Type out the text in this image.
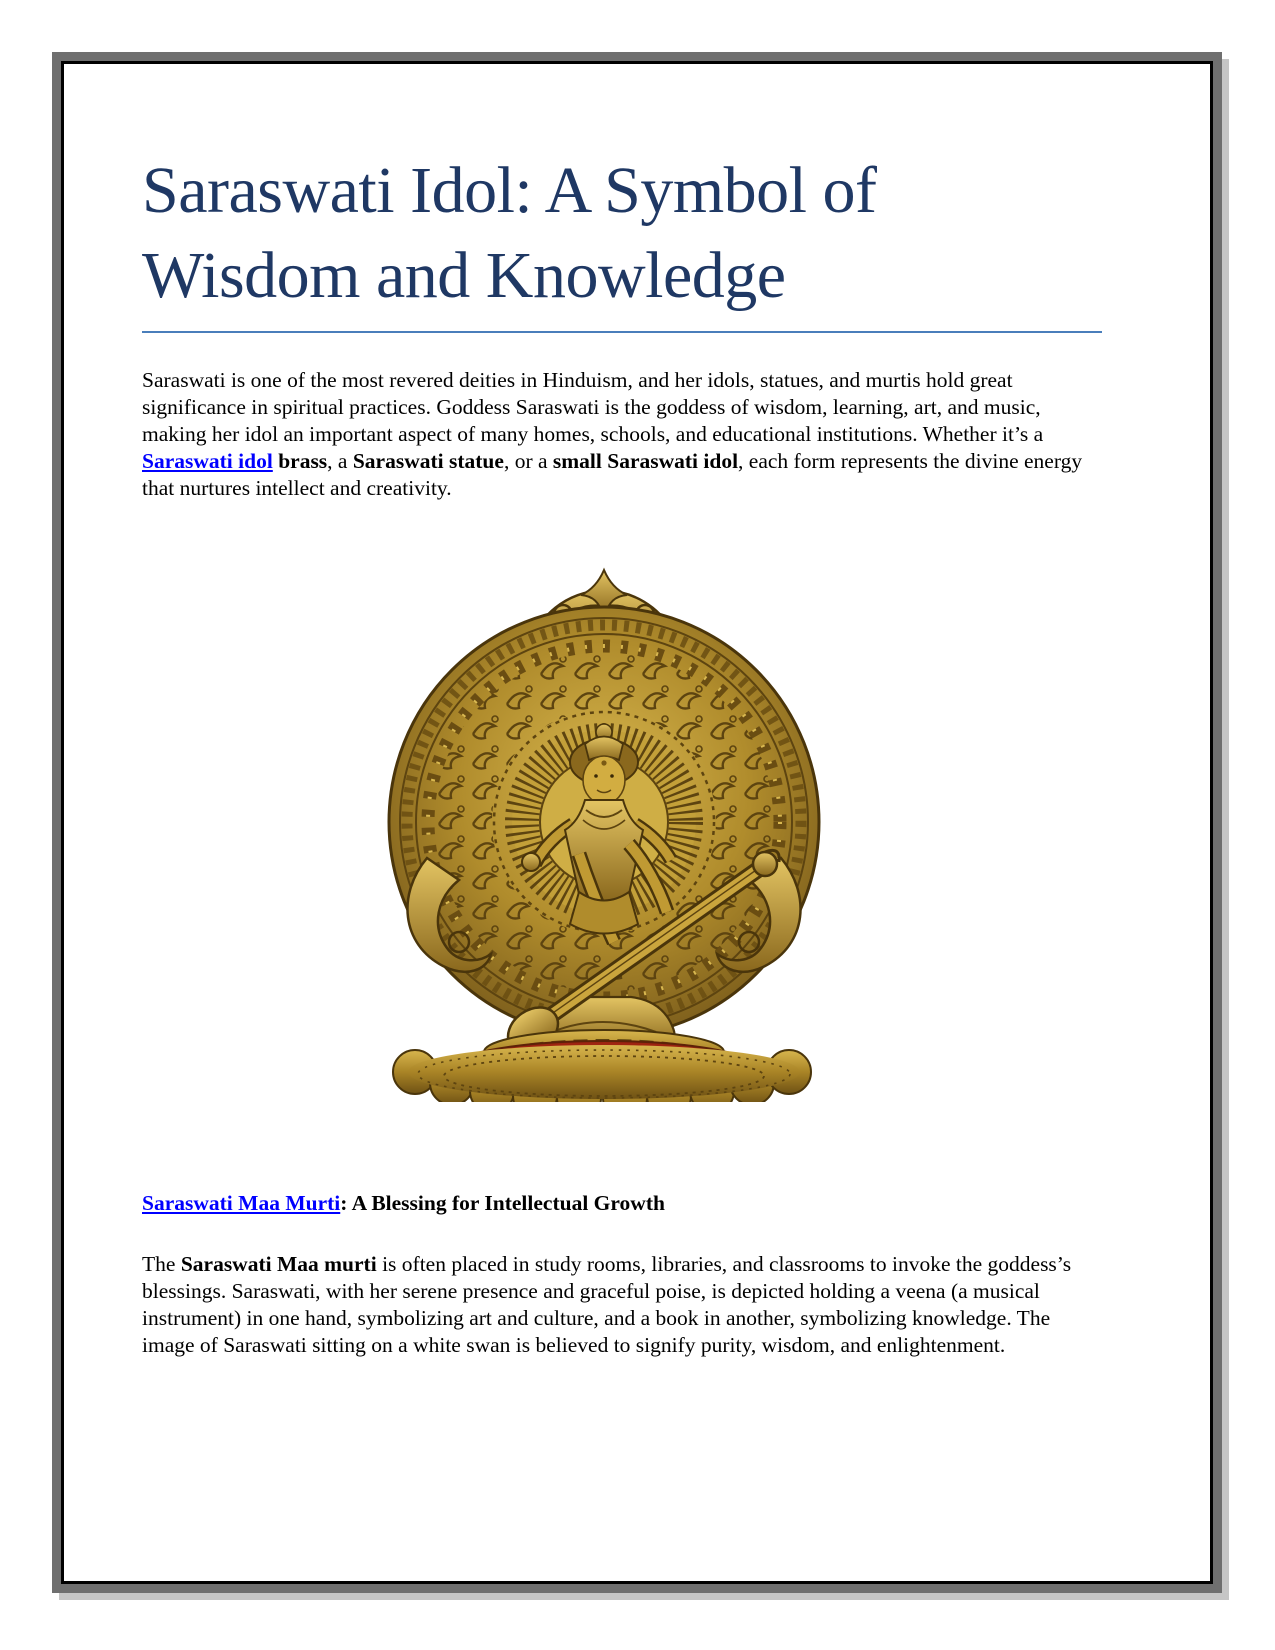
Saraswati Idol: A Symbol of Wisdom and Knowledge

Saraswati is one of the most revered deities in Hinduism, and her idols, statues, and murtis hold great significance in spiritual practices. Goddess Saraswati is the goddess of wisdom, learning, art, and music, making her idol an important aspect of many homes, schools, and educational institutions. Whether it’s a Saraswati idol brass, a Saraswati statue, or a small Saraswati idol, each form represents the divine energy that nurtures intellect and creativity.

Saraswati Maa Murti: A Blessing for Intellectual Growth

The Saraswati Maa murti is often placed in study rooms, libraries, and classrooms to invoke the goddess’s blessings. Saraswati, with her serene presence and graceful poise, is depicted holding a veena (a musical instrument) in one hand, symbolizing art and culture, and a book in another, symbolizing knowledge. The image of Saraswati sitting on a white swan is believed to signify purity, wisdom, and enlightenment.
